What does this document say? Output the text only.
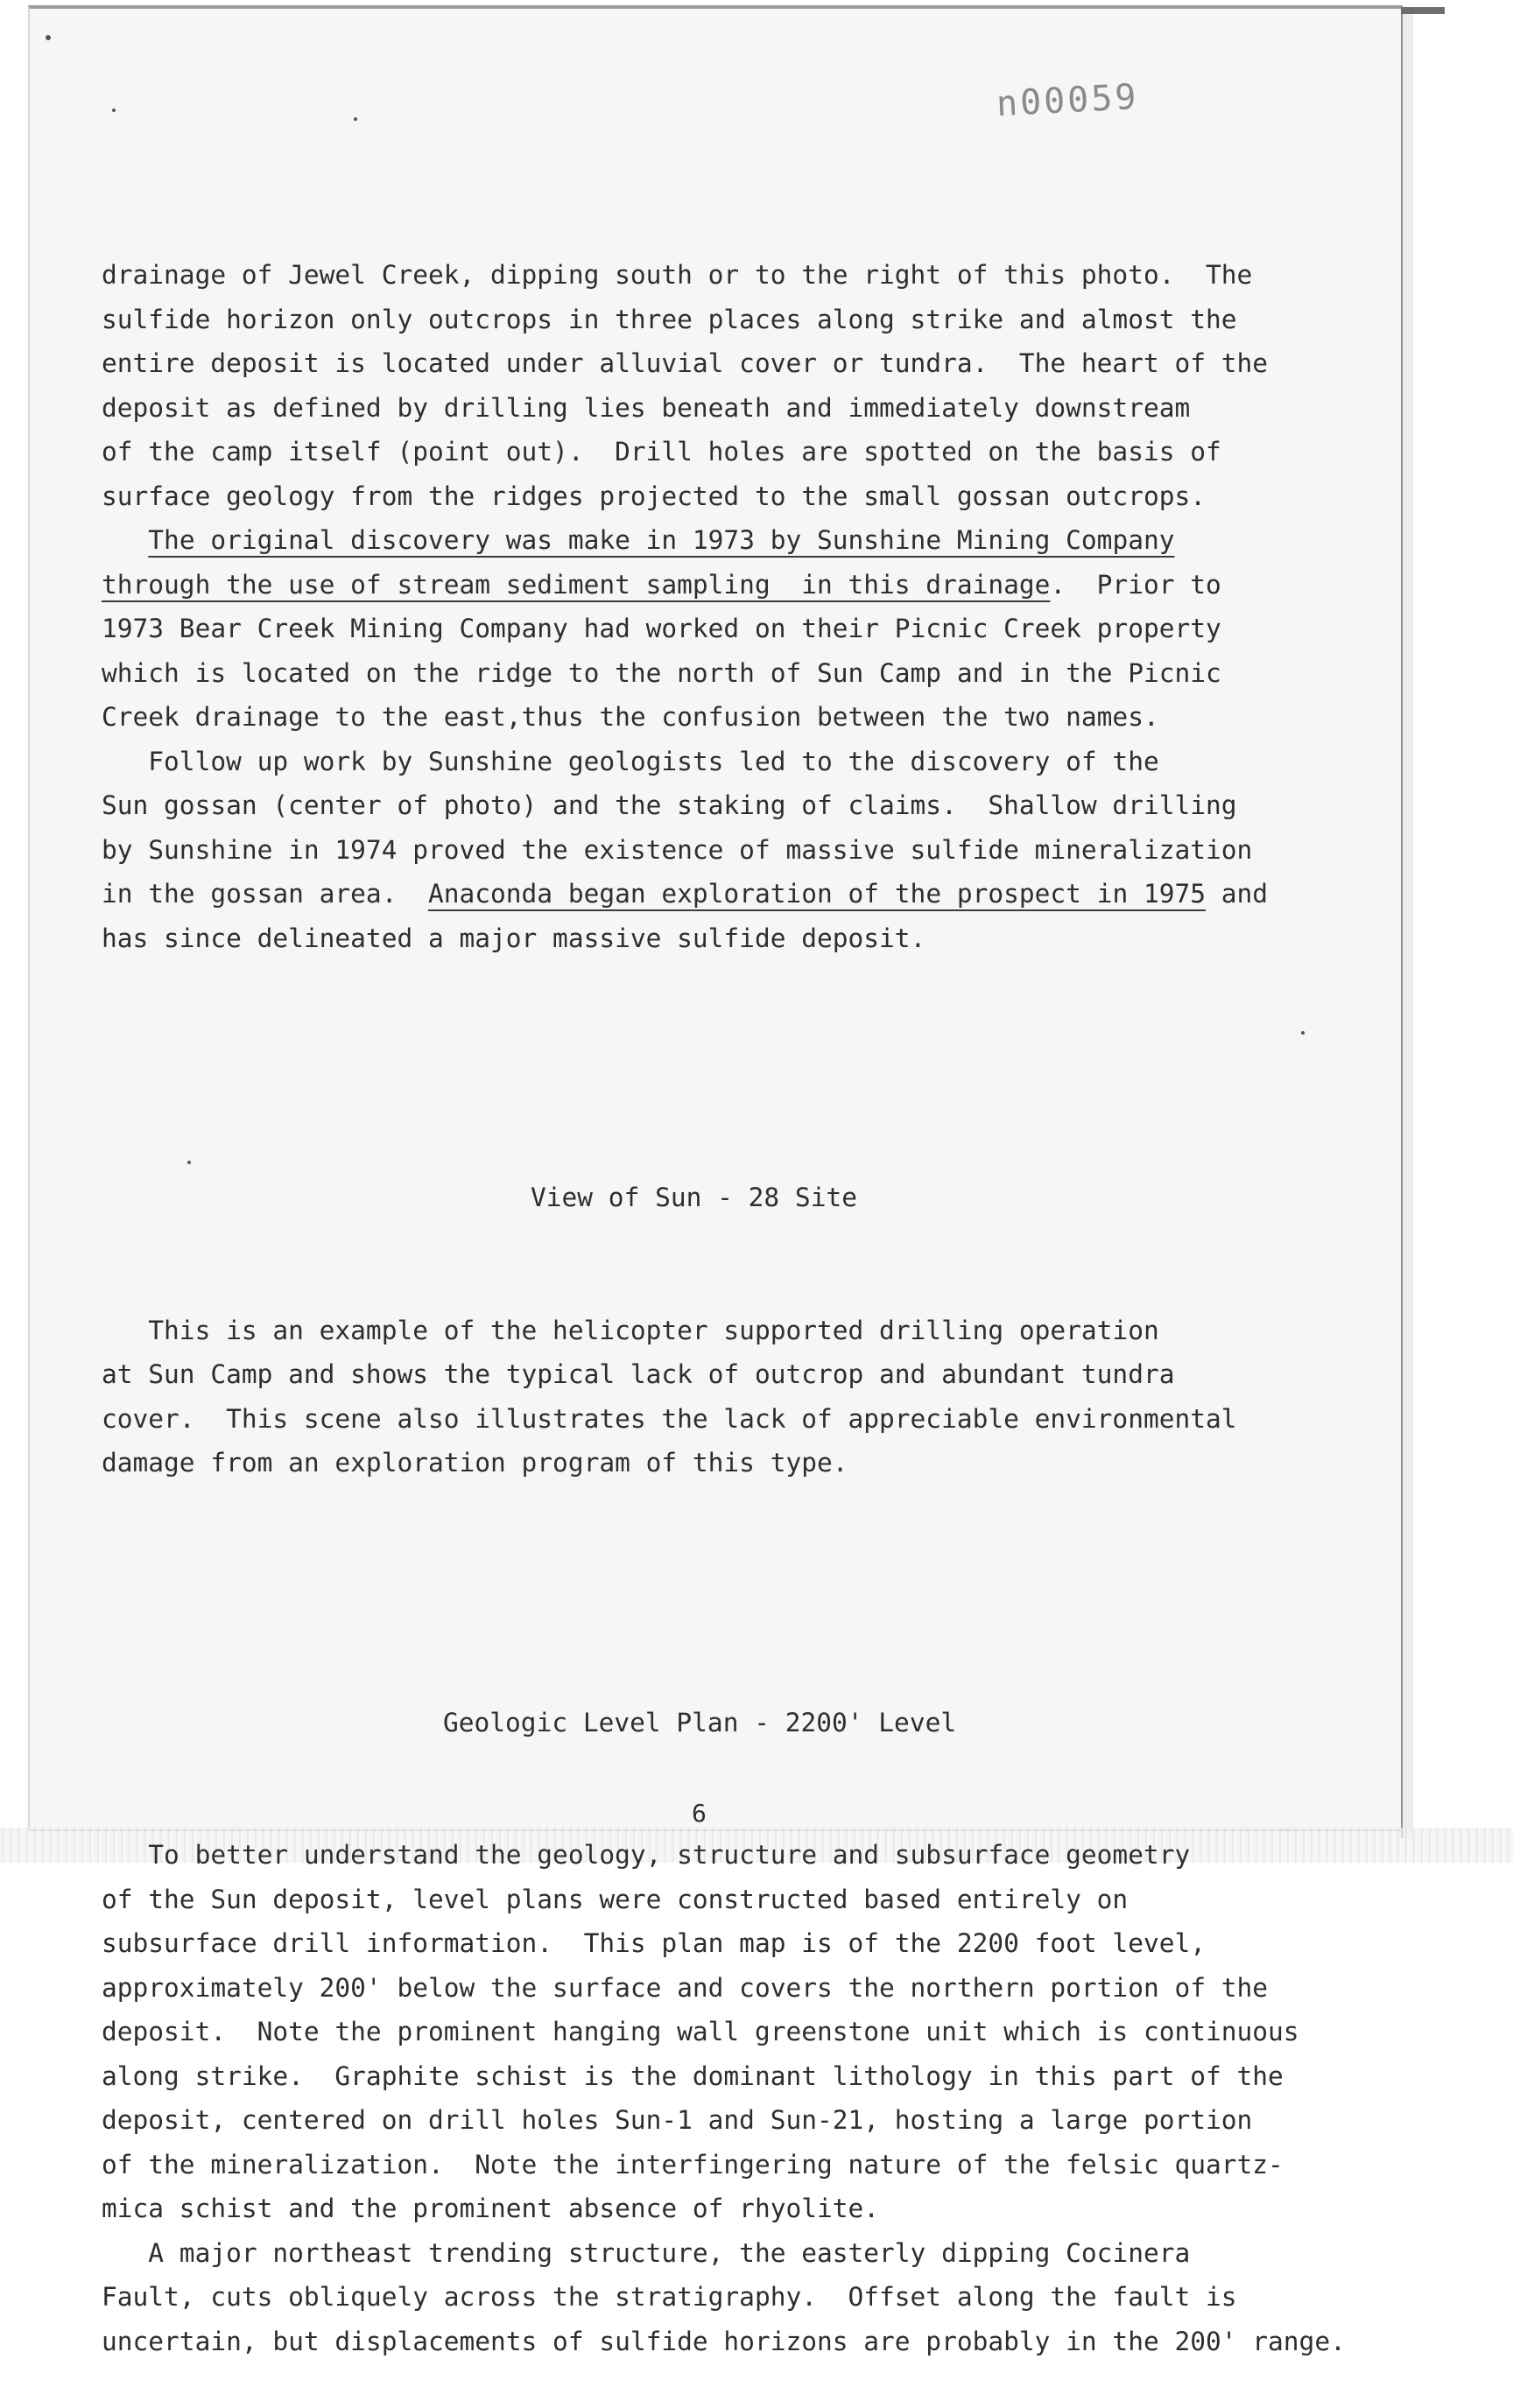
n00059

drainage of Jewel Creek, dipping south or to the right of this photo.  The
sulfide horizon only outcrops in three places along strike and almost the
entire deposit is located under alluvial cover or tundra.  The heart of the
deposit as defined by drilling lies beneath and immediately downstream
of the camp itself (point out).  Drill holes are spotted on the basis of
surface geology from the ridges projected to the small gossan outcrops.
The original discovery was make in 1973 by Sunshine Mining Company
through the use of stream sediment sampling  in this drainage.  Prior to
1973 Bear Creek Mining Company had worked on their Picnic Creek property
which is located on the ridge to the north of Sun Camp and in the Picnic
Creek drainage to the east,thus the confusion between the two names.
Follow up work by Sunshine geologists led to the discovery of the
Sun gossan (center of photo) and the staking of claims.  Shallow drilling
by Sunshine in 1974 proved the existence of massive sulfide mineralization
in the gossan area.  Anaconda began exploration of the prospect in 1975 and
has since delineated a major massive sulfide deposit.

View of Sun - 28 Site

This is an example of the helicopter supported drilling operation
at Sun Camp and shows the typical lack of outcrop and abundant tundra
cover.  This scene also illustrates the lack of appreciable environmental
damage from an exploration program of this type.

Geologic Level Plan - 2200' Level

To better understand the geology, structure and subsurface geometry
of the Sun deposit, level plans were constructed based entirely on
subsurface drill information.  This plan map is of the 2200 foot level,
approximately 200' below the surface and covers the northern portion of the
deposit.  Note the prominent hanging wall greenstone unit which is continuous
along strike.  Graphite schist is the dominant lithology in this part of the
deposit, centered on drill holes Sun-1 and Sun-21, hosting a large portion
of the mineralization.  Note the interfingering nature of the felsic quartz-
mica schist and the prominent absence of rhyolite.
A major northeast trending structure, the easterly dipping Cocinera
Fault, cuts obliquely across the stratigraphy.  Offset along the fault is
uncertain, but displacements of sulfide horizons are probably in the 200' range.

6
